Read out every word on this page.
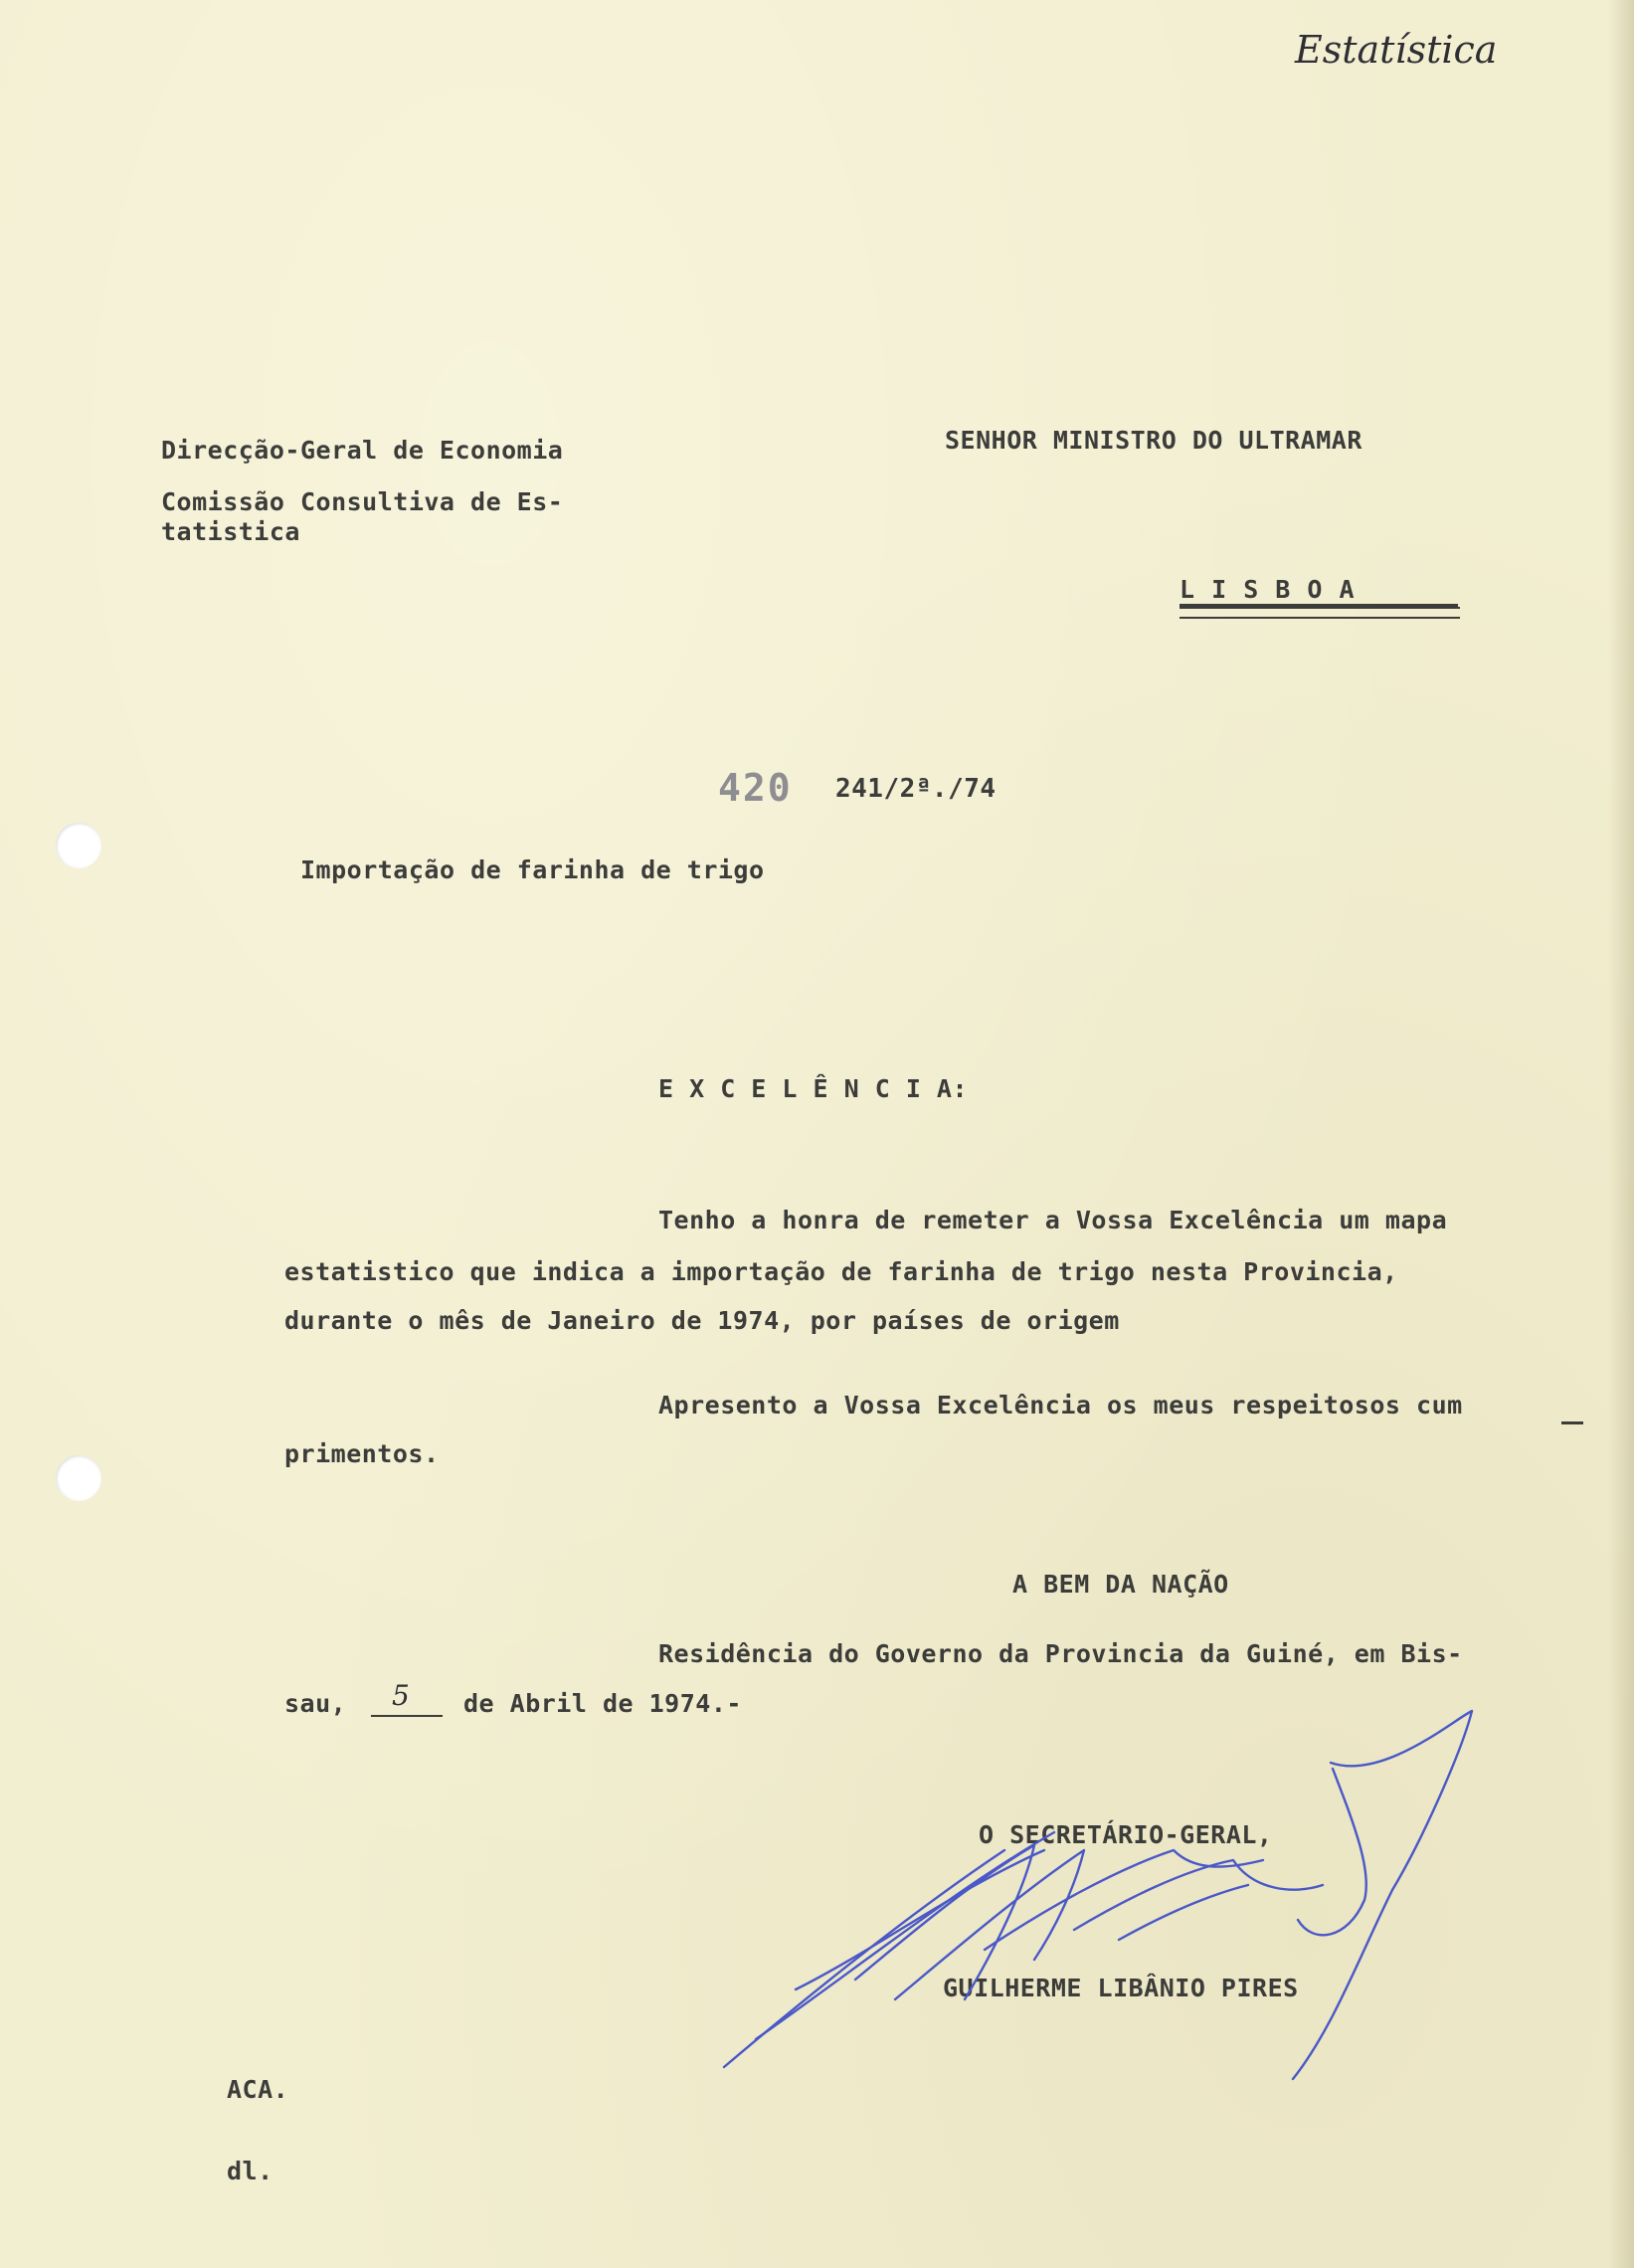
Estatística
Direcção-Geral de Economia
Comissão Consultiva de Es-
tatistica
SENHOR MINISTRO DO ULTRAMAR
L I S B O A
420 241/2ª./74
Importação de farinha de trigo
E X C E L Ê N C I A:
Tenho a honra de remeter a Vossa Excelência um mapa
estatistico que indica a importação de farinha de trigo nesta Provincia,
durante o mês de Janeiro de 1974, por países de origem
Apresento a Vossa Excelência os meus respeitosos cum
primentos.
A BEM DA NAÇÃO
Residência do Governo da Provincia da Guiné, em Bis-
sau, 5 de Abril de 1974.-
O SECRETÁRIO-GERAL,
GUILHERME LIBÂNIO PIRES
ACA.
dl.
